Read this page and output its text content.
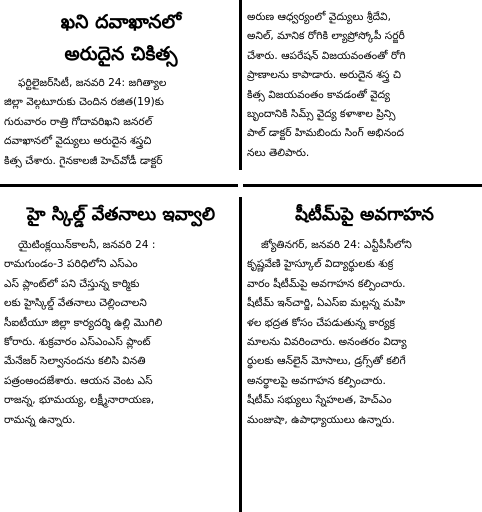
ఖని దవాఖానలో
అరుదైన చికిత్స
ఫర్టిలైజర్‌సిటీ, జనవరి 24: జగిత్యాల
జిల్లా వెల్గటూరుకు చెందిన రజిత(19)కు
గురువారం రాత్రి గోదావరిఖని జనరల్
దవాఖానలో వైద్యులు అరుదైన శస్త్రచి
కిత్స చేశారు. గైనకాలజీ హెచ్‌వోడీ డాక్టర్
అరుణ ఆధ్వర్యంలో వైద్యులు శ్రీదేవి,
అనిల్, మానిక రోగికి ల్యాప్రోస్కోపీ సర్జరీ
చేశారు. ఆపరేషన్ విజయవంతంతో రోగి
ప్రాణాలను కాపాడారు. అరుదైన శస్త్ర చి
కిత్స విజయవంతం కావడంతో వైద్య
బృందానికి సిమ్స్ వైద్య కళాశాల ప్రిన్సి
పాల్ డాక్టర్ హిమబిందు సింగ్ అభినంద
నలు తెలిపారు.
హై స్కిల్డ్ వేతనాలు ఇవ్వాలి
యైటింక్లయిన్‌కాలనీ, జనవరి 24 :
రామగుండం-3 పరిధిలోని ఎస్ఎం
ఎస్ ప్లాంట్‌లో పని చేస్తున్న కార్మికు
లకు హైస్కిల్డ్ వేతనాలు చెల్లించాలని
సీఐటీయూ జిల్లా కార్యదర్శి ఉల్లి మొగిలి
కోరారు. శుక్రవారం ఎస్ఎంఎస్ ప్లాంట్
మేనేజర్ సెల్వానందను కలిసి వినతి
పత్రంఅందజేశారు. ఆయన వెంట ఎస్
రాజన్న, భూమయ్య, లక్ష్మీనారాయణ,
రామన్న ఉన్నారు.
షీటీమ్‌పై అవగాహన
జ్యోతినగర్, జనవరి 24: ఎన్టీపీసీలోని
కృష్ణవేణి హైస్కూల్ విద్యార్థులకు శుక్ర
వారం షీటీమ్‌పై అవగాహన కల్పించారు.
షీటీమ్ ఇన్‌చార్జి, ఏఎస్ఐ మల్లన్న మహి
ళల భద్రత కోసం చేపడుతున్న కార్యక్ర
మాలను వివరించారు. అనంతరం విద్యా
ర్థులకు ఆన్‌లైన్ మోసాలు, డ్రగ్స్‌తో కలిగే
అనర్థాలపై అవగాహన కల్పించారు.
షీటీమ్ సభ్యులు స్నేహలత, హెచ్ఎం
మంజుషా, ఉపాధ్యాయులు ఉన్నారు.
